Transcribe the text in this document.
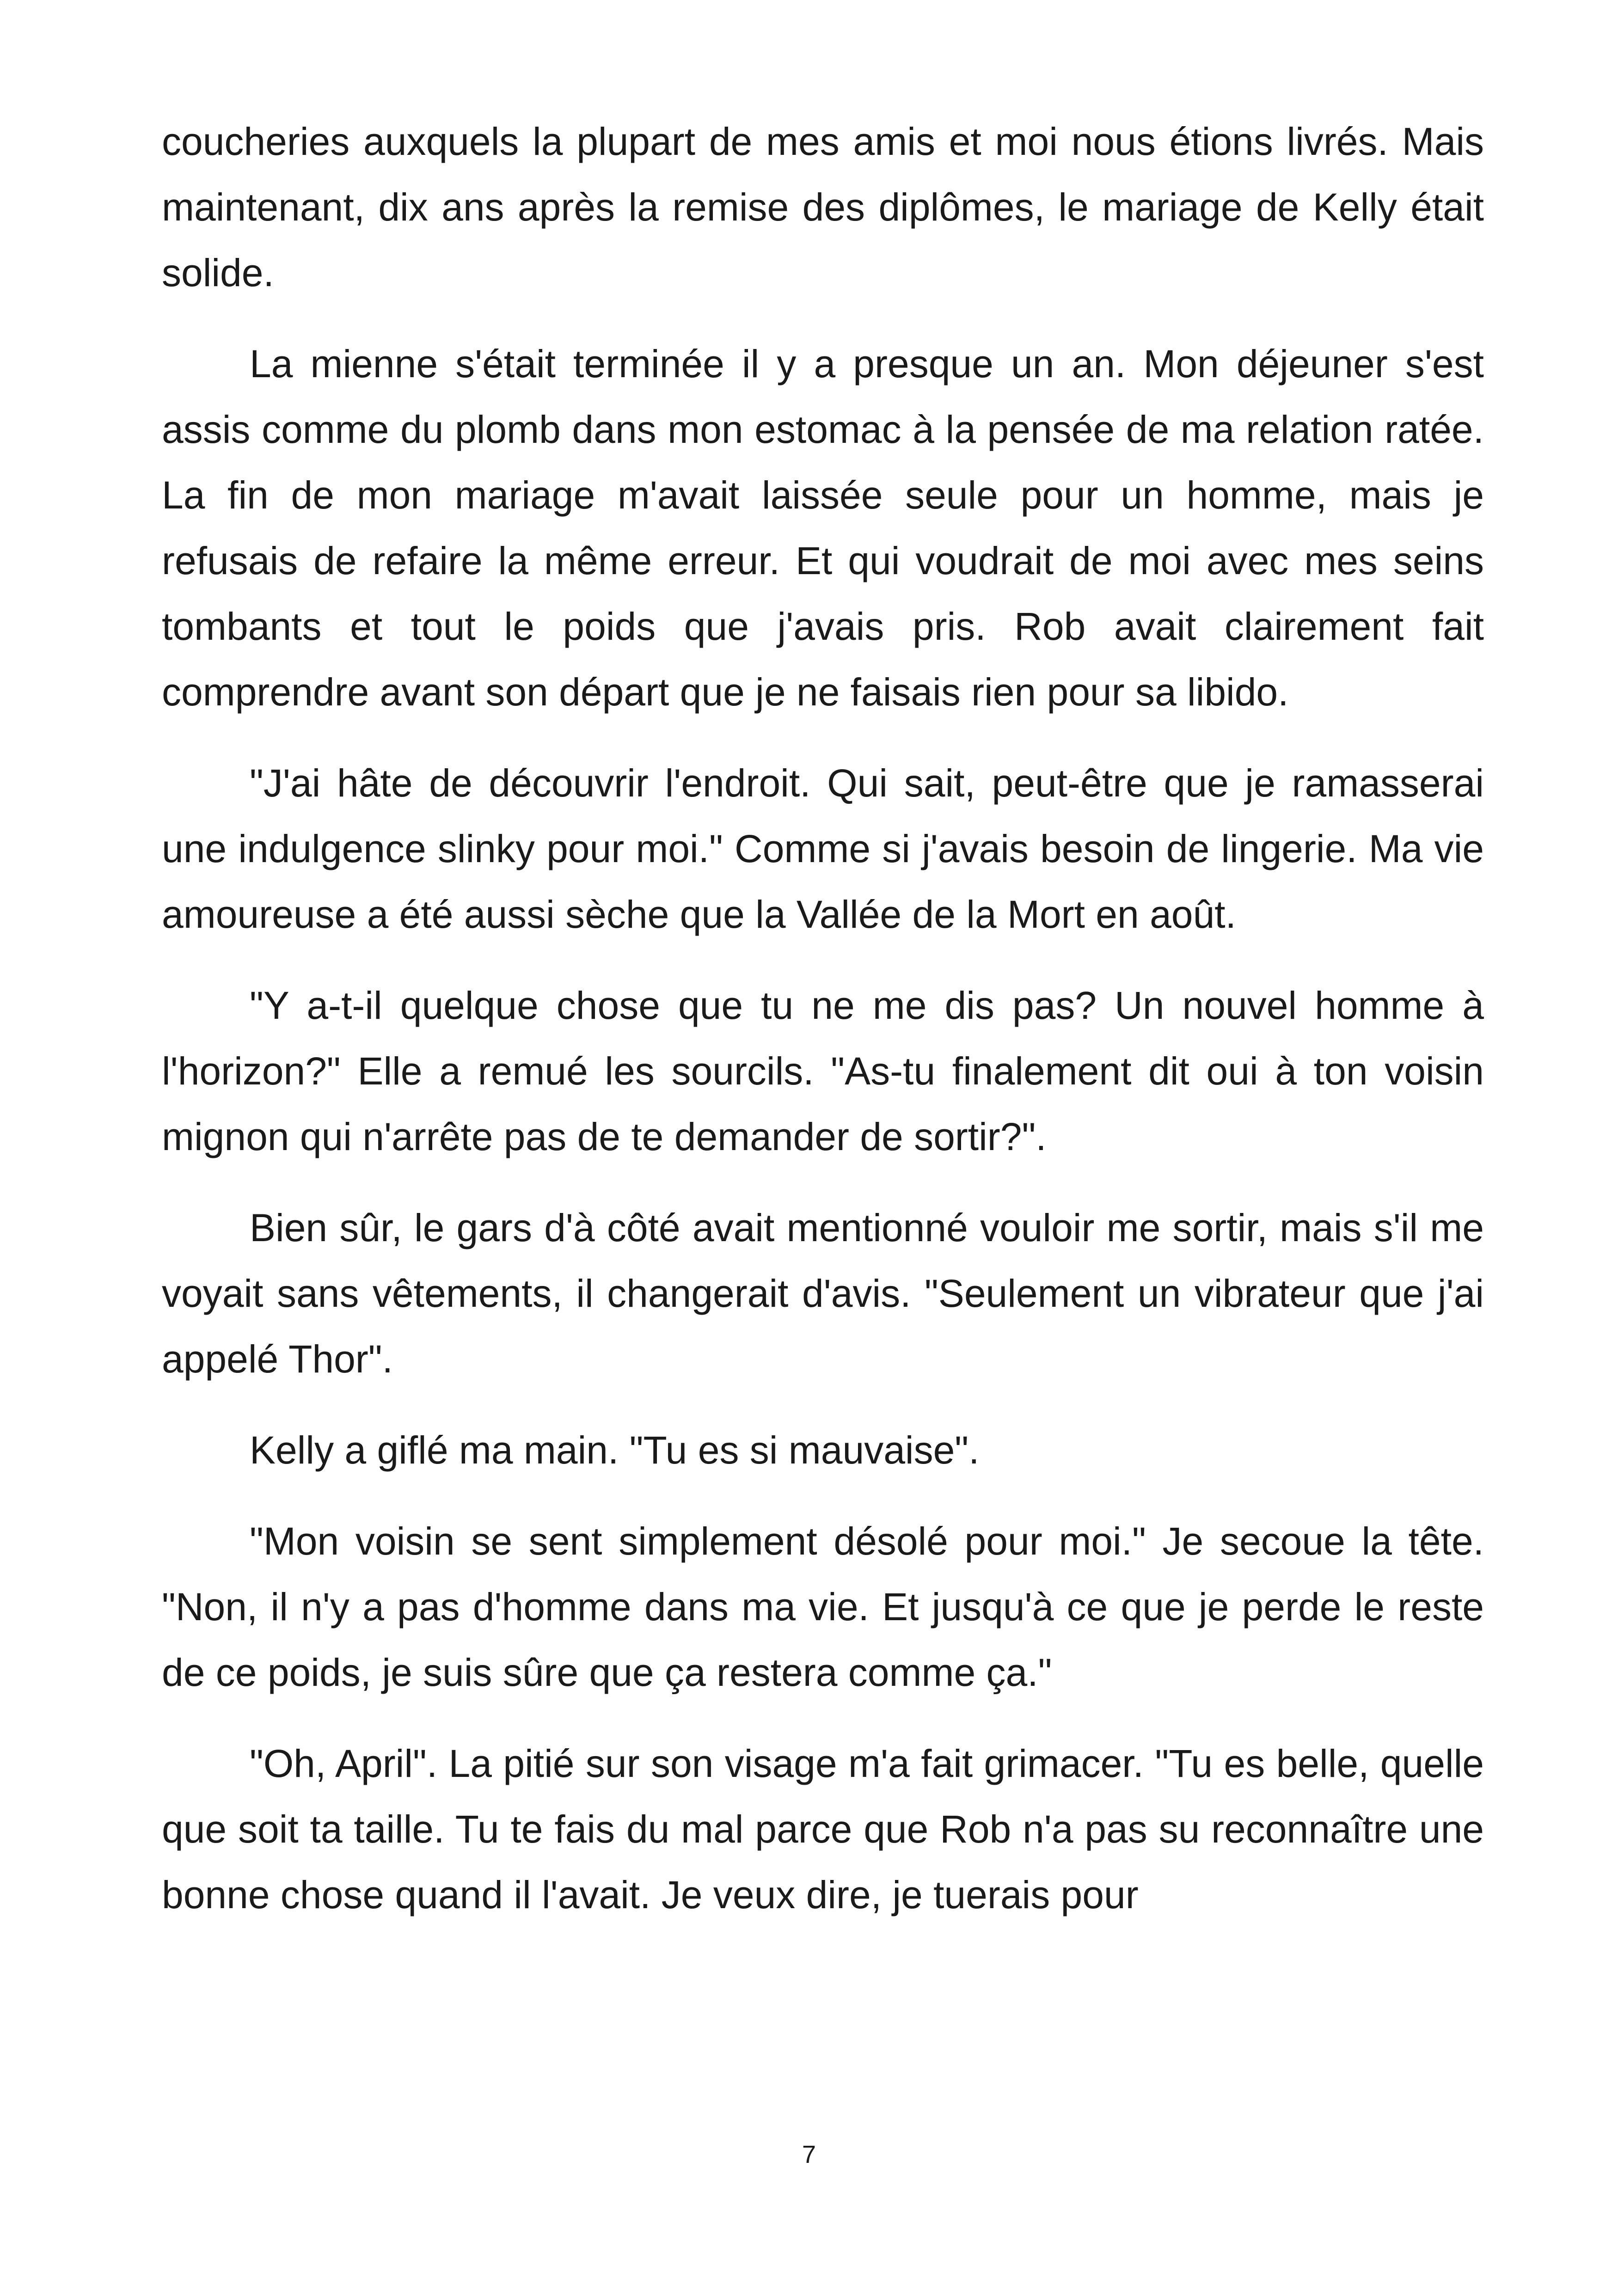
coucheries auxquels la plupart de mes amis et moi nous étions livrés. Mais maintenant, dix ans après la remise des diplômes, le mariage de Kelly était solide.

La mienne s'était terminée il y a presque un an. Mon déjeuner s'est assis comme du plomb dans mon estomac à la pensée de ma relation ratée. La fin de mon mariage m'avait laissée seule pour un homme, mais je refusais de refaire la même erreur. Et qui voudrait de moi avec mes seins tombants et tout le poids que j'avais pris. Rob avait clairement fait comprendre avant son départ que je ne faisais rien pour sa libido.

"J'ai hâte de découvrir l'endroit. Qui sait, peut-être que je ramasserai une indulgence slinky pour moi." Comme si j'avais besoin de lingerie. Ma vie amoureuse a été aussi sèche que la Vallée de la Mort en août.

"Y a-t-il quelque chose que tu ne me dis pas? Un nouvel homme à l'horizon?" Elle a remué les sourcils. "As-tu finalement dit oui à ton voisin mignon qui n'arrête pas de te demander de sortir?".

Bien sûr, le gars d'à côté avait mentionné vouloir me sortir, mais s'il me voyait sans vêtements, il changerait d'avis. "Seulement un vibrateur que j'ai appelé Thor".

Kelly a giflé ma main. "Tu es si mauvaise".

"Mon voisin se sent simplement désolé pour moi." Je secoue la tête. "Non, il n'y a pas d'homme dans ma vie. Et jusqu'à ce que je perde le reste de ce poids, je suis sûre que ça restera comme ça."

"Oh, April". La pitié sur son visage m'a fait grimacer. "Tu es belle, quelle que soit ta taille. Tu te fais du mal parce que Rob n'a pas su reconnaître une bonne chose quand il l'avait. Je veux dire, je tuerais pour

7
